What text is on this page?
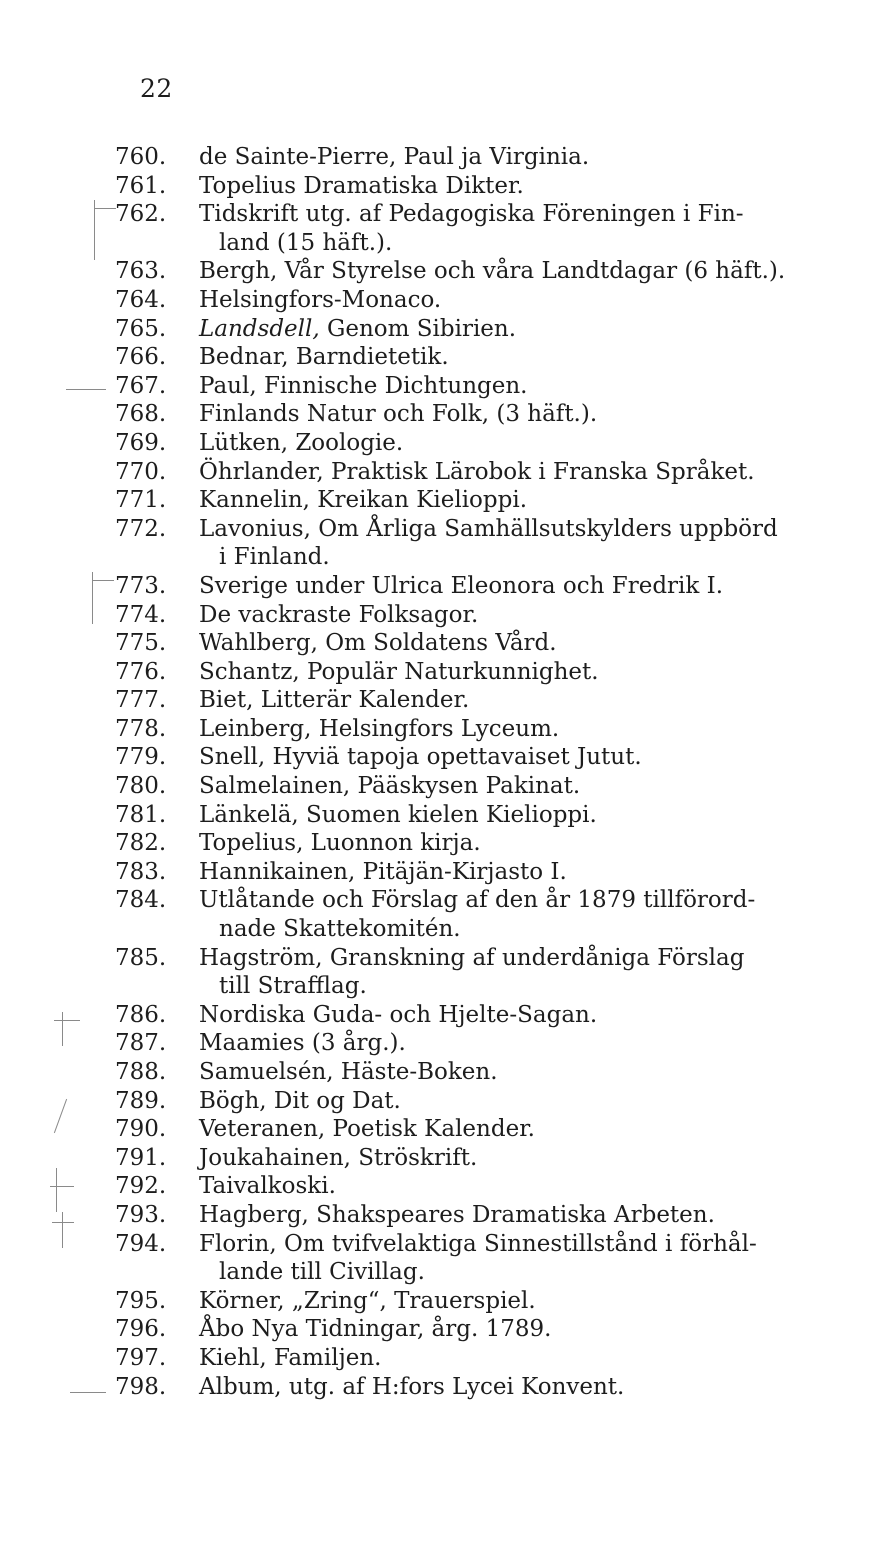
22
760.	de Sainte-Pierre, Paul ja Virginia.
761.	Topelius Dramatiska Dikter.
762.	Tidskrift utg. af Pedagogiska Föreningen i Fin-
land (15 häft.).
763.	Bergh, Vår Styrelse och våra Landtdagar (6 häft.).
764.	Helsingfors-Monaco.
765.	Landsdell, Genom Sibirien.
766.	Bednar, Barndietetik.
767.	Paul, Finnische Dichtungen.
768.	Finlands Natur och Folk, (3 häft.).
769.	Lütken, Zoologie.
770.	Öhrlander, Praktisk Lärobok i Franska Språket.
771.	Kannelin, Kreikan Kielioppi.
772.	Lavonius, Om Årliga Samhällsutskylders uppbörd
i Finland.
773.	Sverige under Ulrica Eleonora och Fredrik I.
774.	De vackraste Folksagor.
775.	Wahlberg, Om Soldatens Vård.
776.	Schantz, Populär Naturkunnighet.
777.	Biet, Litterär Kalender.
778.	Leinberg, Helsingfors Lyceum.
779.	Snell, Hyviä tapoja opettavaiset Jutut.
780.	Salmelainen, Pääskysen Pakinat.
781.	Länkelä, Suomen kielen Kielioppi.
782.	Topelius, Luonnon kirja.
783.	Hannikainen, Pitäjän-Kirjasto I.
784.	Utlåtande och Förslag af den år 1879 tillförord-
nade Skattekomitén.
785.	Hagström, Granskning af underdåniga Förslag
till Strafflag.
786.	Nordiska Guda- och Hjelte-Sagan.
787.	Maamies (3 årg.).
788.	Samuelsén, Häste-Boken.
789.	Bögh, Dit og Dat.
790.	Veteranen, Poetisk Kalender.
791.	Joukahainen, Ströskrift.
792.	Taivalkoski.
793.	Hagberg, Shakspeares Dramatiska Arbeten.
794.	Florin, Om tvifvelaktiga Sinnestillstånd i förhål-
lande till Civillag.
795.	Körner, „Zring“, Trauerspiel.
796.	Åbo Nya Tidningar, årg. 1789.
797.	Kiehl, Familjen.
798.	Album, utg. af H:fors Lycei Konvent.
